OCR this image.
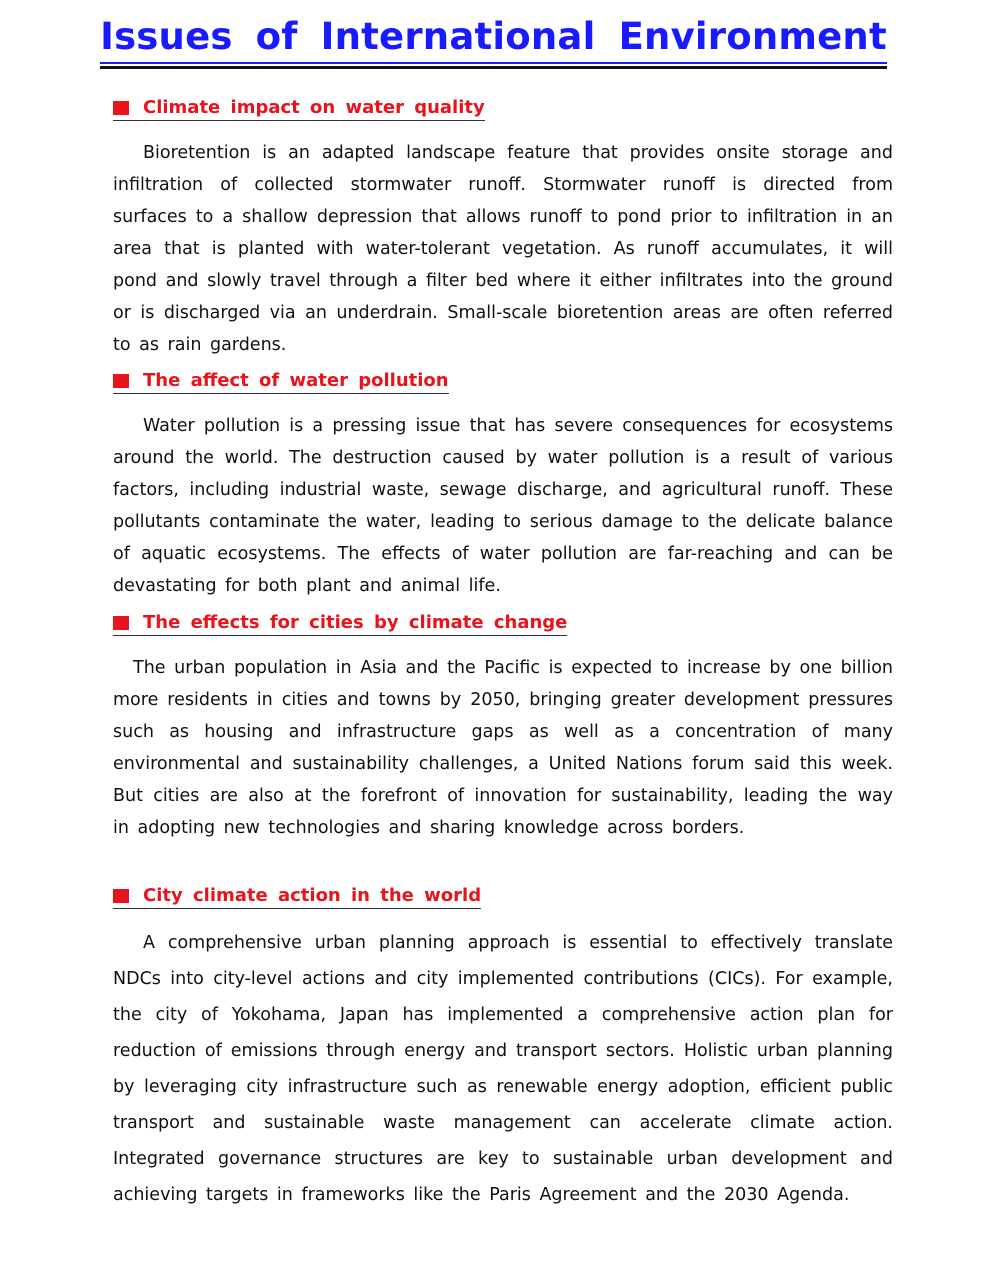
Issues of International Environment
Climate impact on water quality

Bioretention is an adapted landscape feature that provides onsite storage and infiltration of collected stormwater runoff. Stormwater runoff is directed from surfaces to a shallow depression that allows runoff to pond prior to infiltration in an area that is planted with water-tolerant vegetation. As runoff accumulates, it will pond and slowly travel through a filter bed where it either infiltrates into the ground or is discharged via an underdrain. Small-scale bioretention areas are often referred to as rain gardens.

The affect of water pollution

Water pollution is a pressing issue that has severe consequences for ecosystems around the world. The destruction caused by water pollution is a result of various factors, including industrial waste, sewage discharge, and agricultural runoff. These pollutants contaminate the water, leading to serious damage to the delicate balance of aquatic ecosystems. The effects of water pollution are far-reaching and can be devastating for both plant and animal life.

The effects for cities by climate change

The urban population in Asia and the Pacific is expected to increase by one billion more residents in cities and towns by 2050, bringing greater development pressures such as housing and infrastructure gaps as well as a concentration of many environmental and sustainability challenges, a United Nations forum said this week. But cities are also at the forefront of innovation for sustainability, leading the way in adopting new technologies and sharing knowledge across borders.

City climate action in the world

A comprehensive urban planning approach is essential to effectively translate NDCs into city-level actions and city implemented contributions (CICs). For example, the city of Yokohama, Japan has implemented a comprehensive action plan for reduction of emissions through energy and transport sectors. Holistic urban planning by leveraging city infrastructure such as renewable energy adoption, efficient public transport and sustainable waste management can accelerate climate action. Integrated governance structures are key to sustainable urban development and achieving targets in frameworks like the Paris Agreement and the 2030 Agenda.
